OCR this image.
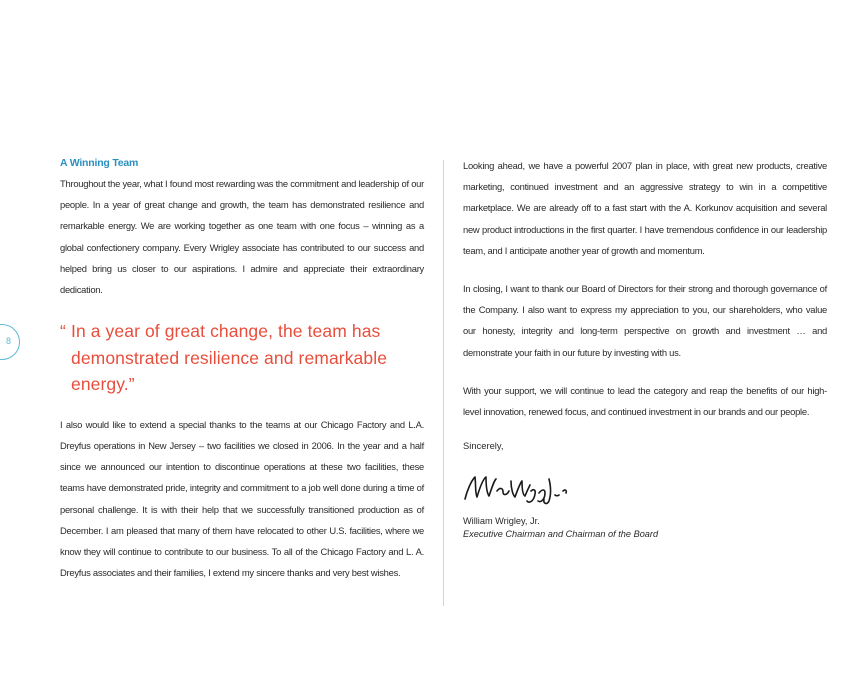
8
A Winning Team

Throughout the year, what I found most rewarding was the commitment and leadership of our people. In a year of great change and growth, the team has demonstrated resilience and remarkable energy. We are working together as one team with one focus – winning as a global confectionery company. Every Wrigley associate has contributed to our success and helped bring us closer to our aspirations. I admire and appreciate their extraordinary dedication.

“ In a year of great change, the team has demonstrated resilience and remarkable energy.”

I also would like to extend a special thanks to the teams at our Chicago Factory and L.A. Dreyfus operations in New Jersey – two facilities we closed in 2006. In the year and a half since we announced our intention to discontinue operations at these two facilities, these teams have demonstrated pride, integrity and commitment to a job well done during a time of personal challenge. It is with their help that we successfully transitioned production as of December. I am pleased that many of them have relocated to other U.S. facilities, where we know they will continue to contribute to our business. To all of the Chicago Factory and L. A. Dreyfus associates and their families, I extend my sincere thanks and very best wishes.

Looking ahead, we have a powerful 2007 plan in place, with great new products, creative marketing, continued investment and an aggressive strategy to win in a competitive marketplace. We are already off to a fast start with the A. Korkunov acquisition and several new product introductions in the first quarter. I have tremendous confidence in our leadership team, and I anticipate another year of growth and momentum.

In closing, I want to thank our Board of Directors for their strong and thorough governance of the Company. I also want to express my appreciation to you, our shareholders, who value our honesty, integrity and long-term perspective on growth and investment … and demonstrate your faith in our future by investing with us.

With your support, we will continue to lead the category and reap the benefits of our high-level innovation, renewed focus, and continued investment in our brands and our people.

Sincerely,

William Wrigley, Jr.

Executive Chairman and Chairman of the Board
